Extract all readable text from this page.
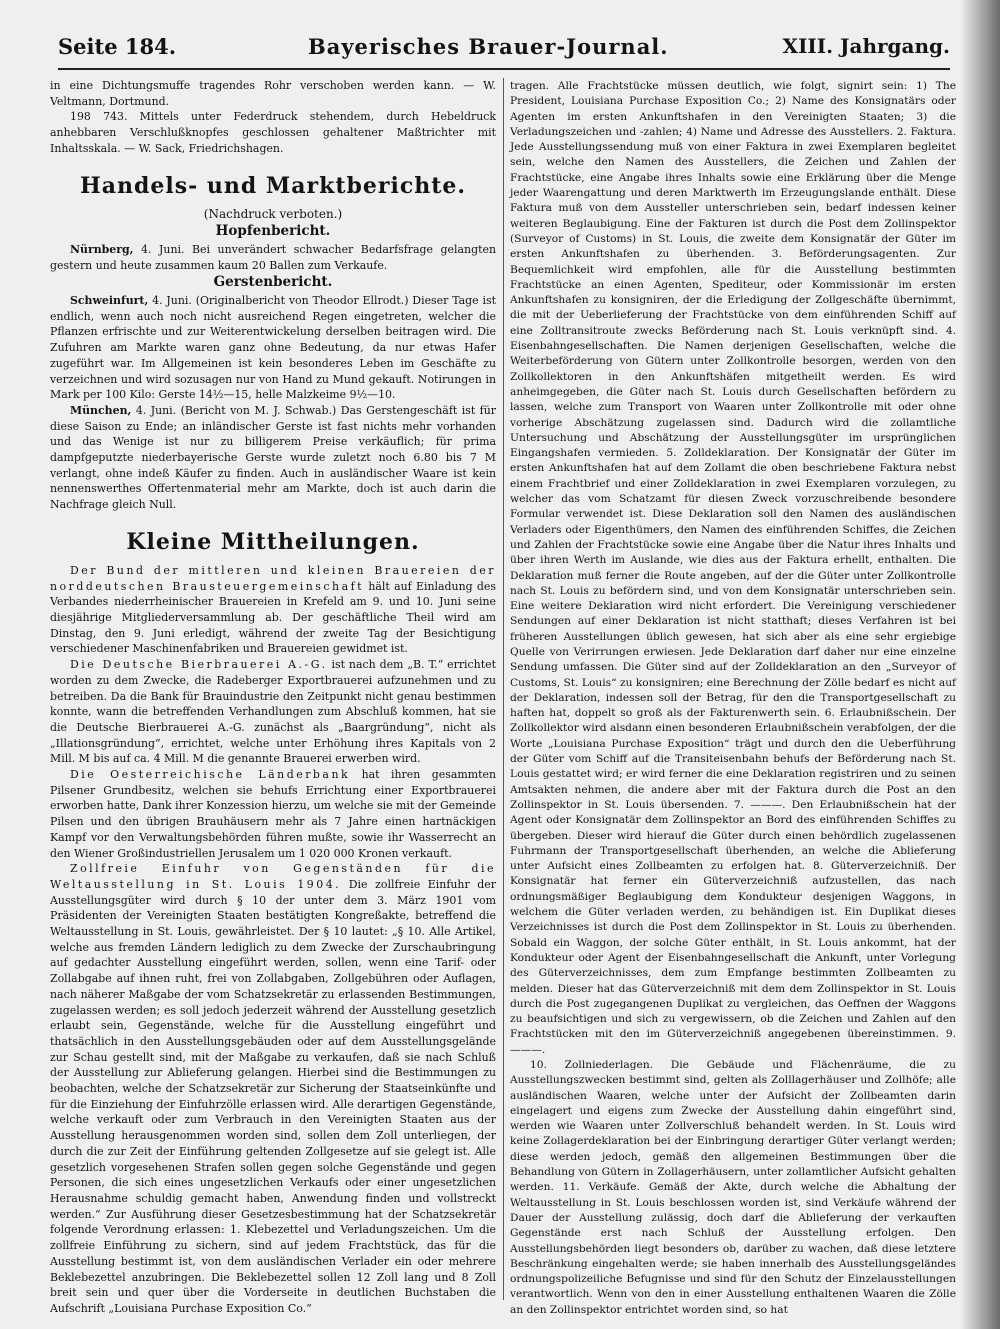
Seite 184.	Bayerisches Brauer-Journal.	XIII. Jahrgang.

in eine Dichtungsmuffe tragendes Rohr verschoben werden kann. — W. Veltmann, Dortmund.

198 743. Mittels unter Federdruck stehendem, durch Hebeldruck anhebbaren Verschlußknopfes geschlossen gehaltener Maßtrichter mit Inhaltsskala. — W. Sack, Friedrichshagen.

Handels- und Marktberichte.
(Nachdruck verboten.)
Hopfenbericht.

Nürnberg, 4. Juni. Bei unverändert schwacher Bedarfsfrage gelangten gestern und heute zusammen kaum 20 Ballen zum Verkaufe.

Gerstenbericht.

Schweinfurt, 4. Juni. (Originalbericht von Theodor Ellrodt.) Dieser Tage ist endlich, wenn auch noch nicht ausreichend Regen eingetreten, welcher die Pflanzen erfrischte und zur Weiterentwickelung derselben beitragen wird. Die Zufuhren am Markte waren ganz ohne Bedeutung, da nur etwas Hafer zugeführt war. Im Allgemeinen ist kein besonderes Leben im Geschäfte zu verzeichnen und wird sozusagen nur von Hand zu Mund gekauft. Notirungen in Mark per 100 Kilo: Gerste 14½—15, helle Malzkeime 9½—10.

München, 4. Juni. (Bericht von M. J. Schwab.) Das Gerstengeschäft ist für diese Saison zu Ende; an inländischer Gerste ist fast nichts mehr vorhanden und das Wenige ist nur zu billigerem Preise verkäuflich; für prima dampfgeputzte niederbayerische Gerste wurde zuletzt noch 6.80 bis 7 M verlangt, ohne indeß Käufer zu finden. Auch in ausländischer Waare ist kein nennenswerthes Offertenmaterial mehr am Markte, doch ist auch darin die Nachfrage gleich Null.

Kleine Mittheilungen.

Der Bund der mittleren und kleinen Brauereien der norddeutschen Brausteuergemeinschaft hält auf Einladung des Verbandes niederrheinischer Brauereien in Krefeld am 9. und 10. Juni seine diesjährige Mitgliederversammlung ab. Der geschäftliche Theil wird am Dinstag, den 9. Juni erledigt, während der zweite Tag der Besichtigung verschiedener Maschinenfabriken und Brauereien gewidmet ist.

Die Deutsche Bierbrauerei A.-G. ist nach dem „B. T.“ errichtet worden zu dem Zwecke, die Radeberger Exportbrauerei aufzunehmen und zu betreiben. Da die Bank für Brauindustrie den Zeitpunkt nicht genau bestimmen konnte, wann die betreffenden Verhandlungen zum Abschluß kommen, hat sie die Deutsche Bierbrauerei A.-G. zunächst als „Baargründung“, nicht als „Illationsgründung“, errichtet, welche unter Erhöhung ihres Kapitals von 2 Mill. M bis auf ca. 4 Mill. M die genannte Brauerei erwerben wird.

Die Oesterreichische Länderbank hat ihren gesammten Pilsener Grundbesitz, welchen sie behufs Errichtung einer Exportbrauerei erworben hatte, Dank ihrer Konzession hierzu, um welche sie mit der Gemeinde Pilsen und den übrigen Brauhäusern mehr als 7 Jahre einen hartnäckigen Kampf vor den Verwaltungsbehörden führen mußte, sowie ihr Wasserrecht an den Wiener Großindustriellen Jerusalem um 1 020 000 Kronen verkauft.

Zollfreie Einfuhr von Gegenständen für die Weltausstellung in St. Louis 1904. Die zollfreie Einfuhr der Ausstellungsgüter wird durch § 10 der unter dem 3. März 1901 vom Präsidenten der Vereinigten Staaten bestätigten Kongreßakte, betreffend die Weltausstellung in St. Louis, gewährleistet. Der § 10 lautet: „§ 10. Alle Artikel, welche aus fremden Ländern lediglich zu dem Zwecke der Zurschaubringung auf gedachter Ausstellung eingeführt werden, sollen, wenn eine Tarif- oder Zollabgabe auf ihnen ruht, frei von Zollabgaben, Zollgebühren oder Auflagen, nach näherer Maßgabe der vom Schatzsekretär zu erlassenden Bestimmungen, zugelassen werden; es soll jedoch jederzeit während der Ausstellung gesetzlich erlaubt sein, Gegenstände, welche für die Ausstellung eingeführt und thatsächlich in den Ausstellungsgebäuden oder auf dem Ausstellungsgelände zur Schau gestellt sind, mit der Maßgabe zu verkaufen, daß sie nach Schluß der Ausstellung zur Ablieferung gelangen. Hierbei sind die Bestimmungen zu beobachten, welche der Schatzsekretär zur Sicherung der Staatseinkünfte und für die Einziehung der Einfuhrzölle erlassen wird. Alle derartigen Gegenstände, welche verkauft oder zum Verbrauch in den Vereinigten Staaten aus der Ausstellung herausgenommen worden sind, sollen dem Zoll unterliegen, der durch die zur Zeit der Einführung geltenden Zollgesetze auf sie gelegt ist. Alle gesetzlich vorgesehenen Strafen sollen gegen solche Gegenstände und gegen Personen, die sich eines ungesetzlichen Verkaufs oder einer ungesetzlichen Herausnahme schuldig gemacht haben, Anwendung finden und vollstreckt werden.“ Zur Ausführung dieser Gesetzesbestimmung hat der Schatzsekretär folgende Verordnung erlassen: 1. Klebezettel und Verladungszeichen. Um die zollfreie Einführung zu sichern, sind auf jedem Frachtstück, das für die Ausstellung bestimmt ist, von dem ausländischen Verlader ein oder mehrere Beklebezettel anzubringen. Die Beklebezettel sollen 12 Zoll lang und 8 Zoll breit sein und quer über die Vorderseite in deutlichen Buchstaben die Aufschrift „Louisiana Purchase Exposition Co.“

tragen. Alle Frachtstücke müssen deutlich, wie folgt, signirt sein: 1) The President, Louisiana Purchase Exposition Co.; 2) Name des Konsignatärs oder Agenten im ersten Ankunftshafen in den Vereinigten Staaten; 3) die Verladungszeichen und -zahlen; 4) Name und Adresse des Ausstellers. 2. Faktura. Jede Ausstellungssendung muß von einer Faktura in zwei Exemplaren begleitet sein, welche den Namen des Ausstellers, die Zeichen und Zahlen der Frachtstücke, eine Angabe ihres Inhalts sowie eine Erklärung über die Menge jeder Waarengattung und deren Marktwerth im Erzeugungslande enthält. Diese Faktura muß von dem Aussteller unterschrieben sein, bedarf indessen keiner weiteren Beglaubigung. Eine der Fakturen ist durch die Post dem Zollinspektor (Surveyor of Customs) in St. Louis, die zweite dem Konsignatär der Güter im ersten Ankunftshafen zu überhenden. 3. Beförderungsagenten. Zur Bequemlichkeit wird empfohlen, alle für die Ausstellung bestimmten Frachtstücke an einen Agenten, Spediteur, oder Kommissionär im ersten Ankunftshafen zu konsigniren, der die Erledigung der Zollgeschäfte übernimmt, die mit der Ueberlieferung der Frachtstücke von dem einführenden Schiff auf eine Zolltransitroute zwecks Beförderung nach St. Louis verknüpft sind. 4. Eisenbahngesellschaften. Die Namen derjenigen Gesellschaften, welche die Weiterbeförderung von Gütern unter Zollkontrolle besorgen, werden von den Zollkollektoren in den Ankunftshäfen mitgetheilt werden. Es wird anheimgegeben, die Güter nach St. Louis durch Gesellschaften befördern zu lassen, welche zum Transport von Waaren unter Zollkontrolle mit oder ohne vorherige Abschätzung zugelassen sind. Dadurch wird die zollamtliche Untersuchung und Abschätzung der Ausstellungsgüter im ursprünglichen Eingangshafen vermieden. 5. Zolldeklaration. Der Konsignatär der Güter im ersten Ankunftshafen hat auf dem Zollamt die oben beschriebene Faktura nebst einem Frachtbrief und einer Zolldeklaration in zwei Exemplaren vorzulegen, zu welcher das vom Schatzamt für diesen Zweck vorzuschreibende besondere Formular verwendet ist. Diese Deklaration soll den Namen des ausländischen Verladers oder Eigenthümers, den Namen des einführenden Schiffes, die Zeichen und Zahlen der Frachtstücke sowie eine Angabe über die Natur ihres Inhalts und über ihren Werth im Auslande, wie dies aus der Faktura erhellt, enthalten. Die Deklaration muß ferner die Route angeben, auf der die Güter unter Zollkontrolle nach St. Louis zu befördern sind, und von dem Konsignatär unterschrieben sein. Eine weitere Deklaration wird nicht erfordert. Die Vereinigung verschiedener Sendungen auf einer Deklaration ist nicht statthaft; dieses Verfahren ist bei früheren Ausstellungen üblich gewesen, hat sich aber als eine sehr ergiebige Quelle von Verirrungen erwiesen. Jede Deklaration darf daher nur eine einzelne Sendung umfassen. Die Güter sind auf der Zolldeklaration an den „Surveyor of Customs, St. Louis“ zu konsigniren; eine Berechnung der Zölle bedarf es nicht auf der Deklaration, indessen soll der Betrag, für den die Transportgesellschaft zu haften hat, doppelt so groß als der Fakturenwerth sein. 6. Erlaubnißschein. Der Zollkollektor wird alsdann einen besonderen Erlaubnißschein verabfolgen, der die Worte „Louisiana Purchase Exposition“ trägt und durch den die Ueberführung der Güter vom Schiff auf die Transiteisenbahn behufs der Beförderung nach St. Louis gestattet wird; er wird ferner die eine Deklaration registriren und zu seinen Amtsakten nehmen, die andere aber mit der Faktura durch die Post an den Zollinspektor in St. Louis übersenden. 7. ———. Den Erlaubnißschein hat der Agent oder Konsignatär dem Zollinspektor an Bord des einführenden Schiffes zu übergeben. Dieser wird hierauf die Güter durch einen behördlich zugelassenen Fuhrmann der Transportgesellschaft überhenden, an welche die Ablieferung unter Aufsicht eines Zollbeamten zu erfolgen hat. 8. Güterverzeichniß. Der Konsignatär hat ferner ein Güterverzeichniß aufzustellen, das nach ordnungsmäßiger Beglaubigung dem Kondukteur desjenigen Waggons, in welchem die Güter verladen werden, zu behändigen ist. Ein Duplikat dieses Verzeichnisses ist durch die Post dem Zollinspektor in St. Louis zu überhenden. Sobald ein Waggon, der solche Güter enthält, in St. Louis ankommt, hat der Kondukteur oder Agent der Eisenbahngesellschaft die Ankunft, unter Vorlegung des Güterverzeichnisses, dem zum Empfange bestimmten Zollbeamten zu melden. Dieser hat das Güterverzeichniß mit dem dem Zollinspektor in St. Louis durch die Post zugegangenen Duplikat zu vergleichen, das Oeffnen der Waggons zu beaufsichtigen und sich zu vergewissern, ob die Zeichen und Zahlen auf den Frachtstücken mit den im Güterverzeichniß angegebenen übereinstimmen. 9. ———.

10. Zollniederlagen. Die Gebäude und Flächenräume, die zu Ausstellungszwecken bestimmt sind, gelten als Zolllagerhäuser und Zollhöfe; alle ausländischen Waaren, welche unter der Aufsicht der Zollbeamten darin eingelagert und eigens zum Zwecke der Ausstellung dahin eingeführt sind, werden wie Waaren unter Zollverschluß behandelt werden. In St. Louis wird keine Zollagerdeklaration bei der Einbringung derartiger Güter verlangt werden; diese werden jedoch, gemäß den allgemeinen Bestimmungen über die Behandlung von Gütern in Zollagerhäusern, unter zollamtlicher Aufsicht gehalten werden. 11. Verkäufe. Gemäß der Akte, durch welche die Abhaltung der Weltausstellung in St. Louis beschlossen worden ist, sind Verkäufe während der Dauer der Ausstellung zulässig, doch darf die Ablieferung der verkauften Gegenstände erst nach Schluß der Ausstellung erfolgen. Den Ausstellungsbehörden liegt besonders ob, darüber zu wachen, daß diese letztere Beschränkung eingehalten werde; sie haben innerhalb des Ausstellungsgeländes ordnungspolizeiliche Befugnisse und sind für den Schutz der Einzelausstellungen verantwortlich. Wenn von den in einer Ausstellung enthaltenen Waaren die Zölle an den Zollinspektor entrichtet worden sind, so hat
